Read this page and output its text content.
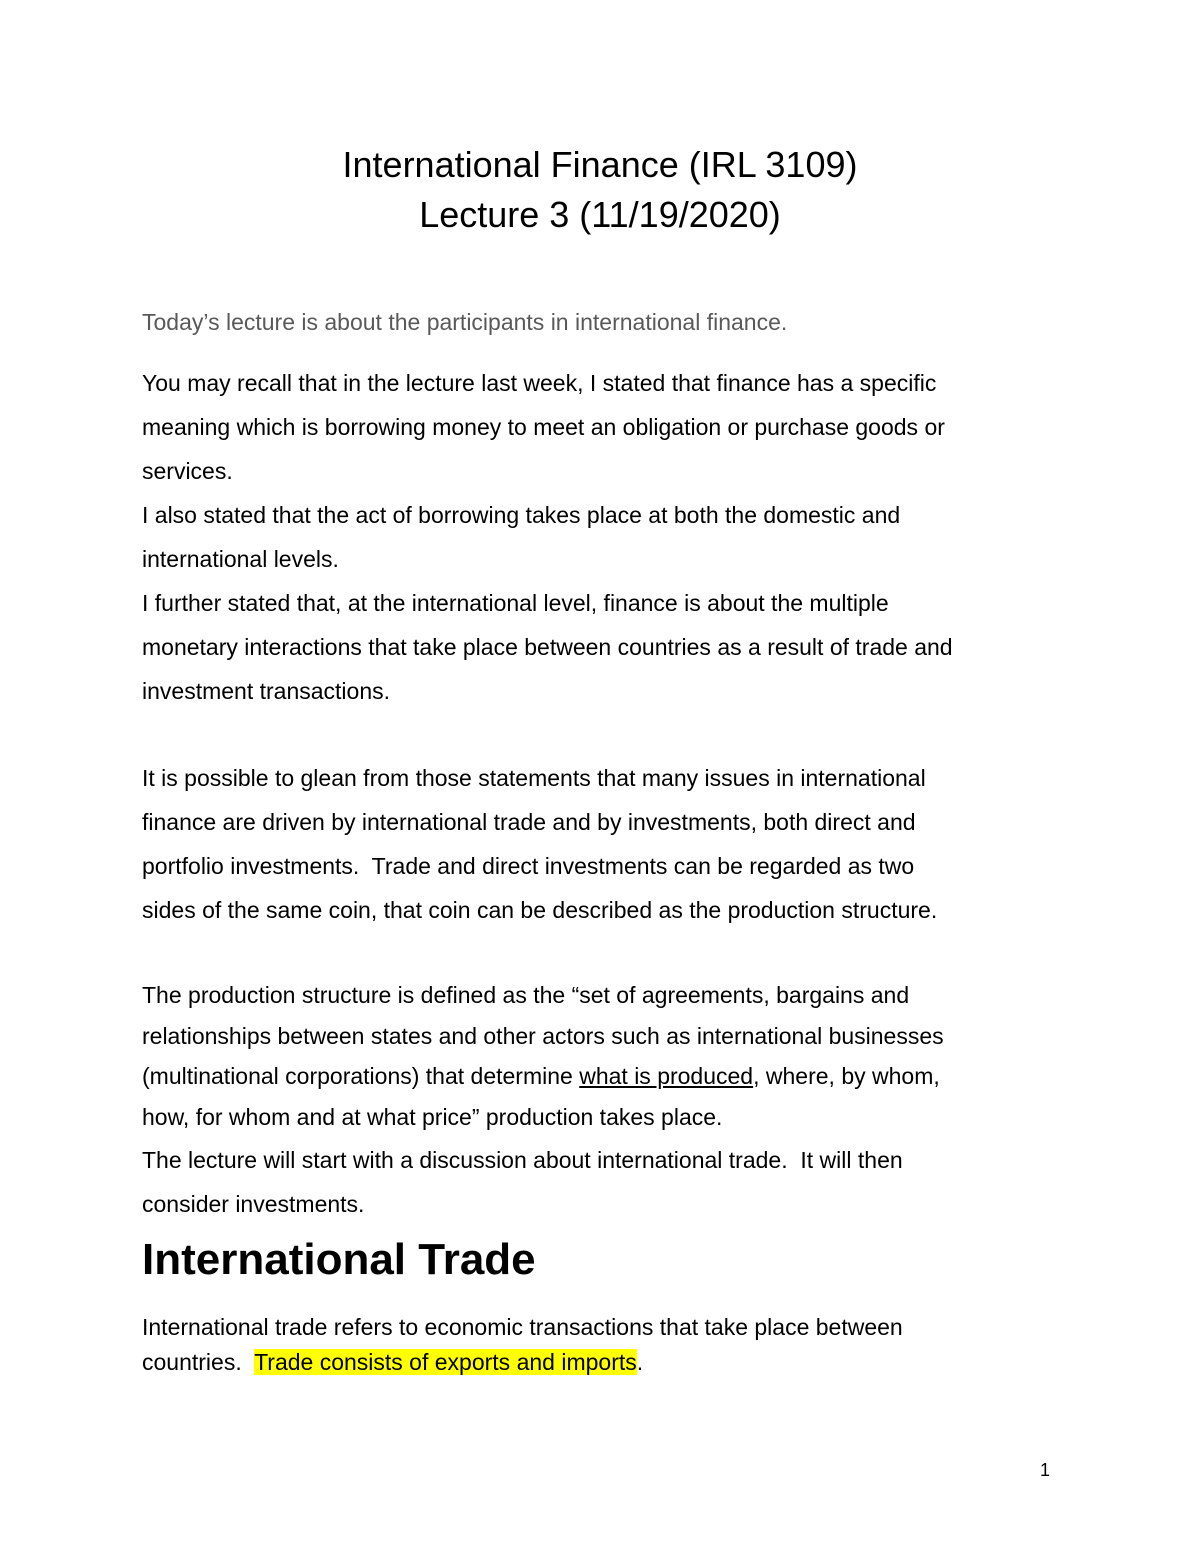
International Finance (IRL 3109)
Lecture 3 (11/19/2020)
Today’s lecture is about the participants in international finance.
You may recall that in the lecture last week, I stated that finance has a specific
meaning which is borrowing money to meet an obligation or purchase goods or
services.
I also stated that the act of borrowing takes place at both the domestic and
international levels.
I further stated that, at the international level, finance is about the multiple
monetary interactions that take place between countries as a result of trade and
investment transactions.
It is possible to glean from those statements that many issues in international
finance are driven by international trade and by investments, both direct and
portfolio investments.  Trade and direct investments can be regarded as two
sides of the same coin, that coin can be described as the production structure.
The production structure is defined as the “set of agreements, bargains and
relationships between states and other actors such as international businesses
(multinational corporations) that determine what is produced, where, by whom,
how, for whom and at what price” production takes place.
The lecture will start with a discussion about international trade.  It will then
consider investments.
International Trade
International trade refers to economic transactions that take place between
countries.  Trade consists of exports and imports.
1
